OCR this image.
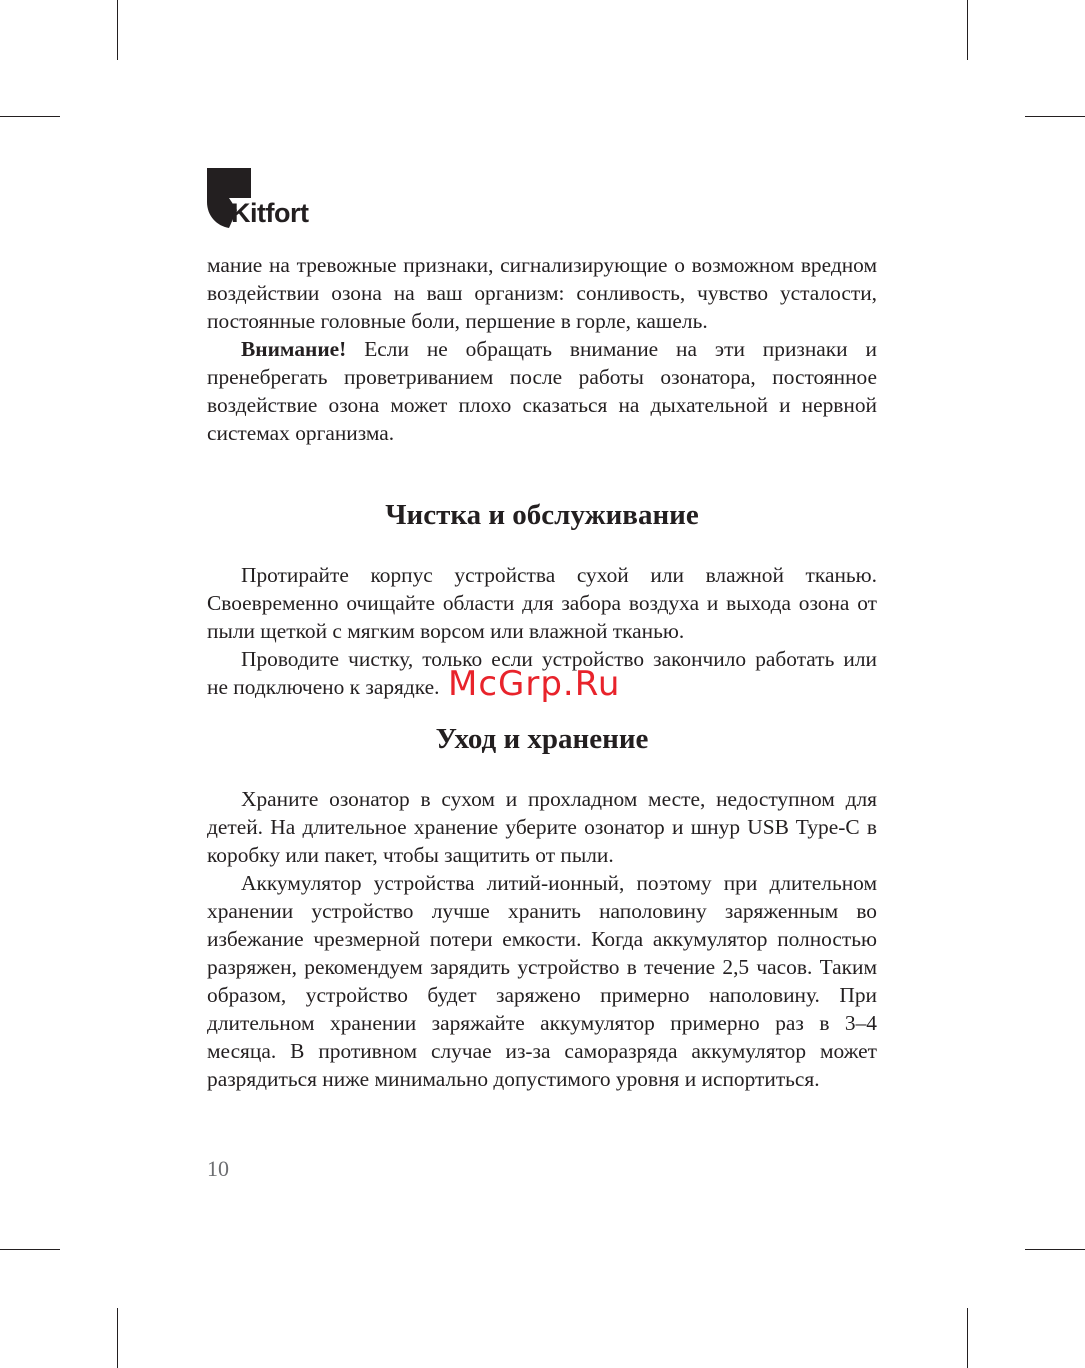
Kitfort

мание на тревожные признаки, сигнализирующие о возможном вредном воздействии озона на ваш организм: сонливость, чувство усталости, постоянные головные боли, першение в горле, кашель.

Внимание! Если не обращать внимание на эти признаки и пренебрегать проветриванием после работы озонатора, постоянное воздействие озона может плохо сказаться на дыхательной и нервной системах организма.

Чистка и обслуживание

Протирайте корпус устройства сухой или влажной тканью. Своевременно очищайте области для забора воздуха и выхода озона от пыли щеткой с мягким ворсом или влажной тканью.

Проводите чистку, только если устройство закончило работать или не подключено к зарядке.

Уход и хранение

Храните озонатор в сухом и прохладном месте, недоступном для детей. На длительное хранение уберите озонатор и шнур USB Type-C в коробку или пакет, чтобы защитить от пыли.

Аккумулятор устройства литий-ионный, поэтому при длительном хранении устройство лучше хранить наполовину заряженным во избежание чрезмерной потери емкости. Когда аккумулятор полностью разряжен, рекомендуем зарядить устройство в течение 2,5 часов. Таким образом, устройство будет заряжено примерно наполовину. При длительном хранении заряжайте аккумулятор примерно раз в 3–4 месяца. В противном случае из-за саморазряда аккумулятор может разрядиться ниже минимально допустимого уровня и испортиться.

10
McGrp.Ru
